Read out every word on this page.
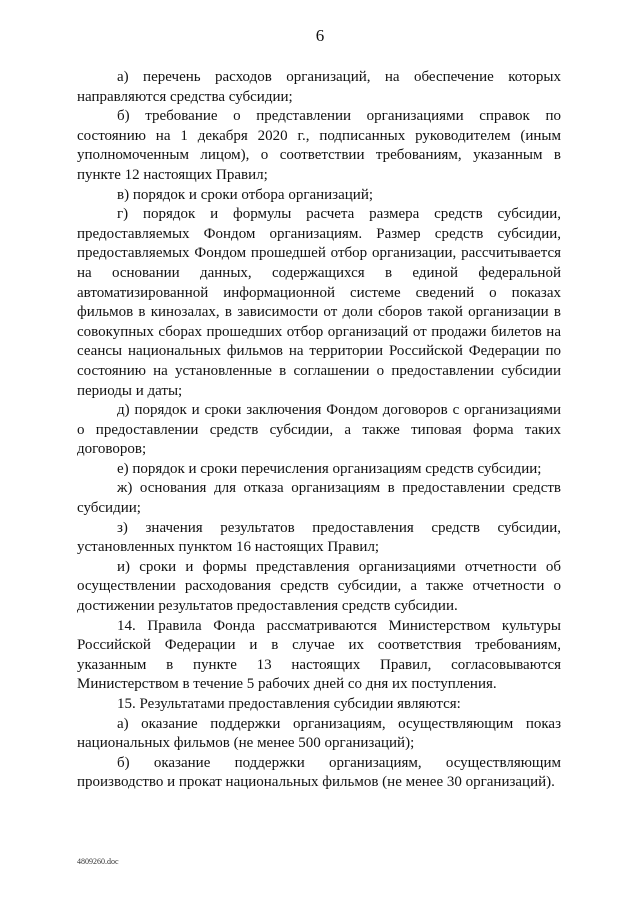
6

а) перечень расходов организаций, на обеспечение которых направляются средства субсидии;

б) требование о представлении организациями справок по состоянию на 1 декабря 2020 г., подписанных руководителем (иным уполномоченным лицом), о соответствии требованиям, указанным в пункте 12 настоящих Правил;

в) порядок и сроки отбора организаций;

г) порядок и формулы расчета размера средств субсидии, предоставляемых Фондом организациям. Размер средств субсидии, предоставляемых Фондом прошедшей отбор организации, рассчитывается на основании данных, содержащихся в единой федеральной автоматизированной информационной системе сведений о показах фильмов в кинозалах, в зависимости от доли сборов такой организации в совокупных сборах прошедших отбор организаций от продажи билетов на сеансы национальных фильмов на территории Российской Федерации по состоянию на установленные в соглашении о предоставлении субсидии периоды и даты;

д) порядок и сроки заключения Фондом договоров с организациями о предоставлении средств субсидии, а также типовая форма таких договоров;

е) порядок и сроки перечисления организациям средств субсидии;

ж) основания для отказа организациям в предоставлении средств субсидии;

з) значения результатов предоставления средств субсидии, установленных пунктом 16 настоящих Правил;

и) сроки и формы представления организациями отчетности об осуществлении расходования средств субсидии, а также отчетности о достижении результатов предоставления средств субсидии.

14. Правила Фонда рассматриваются Министерством культуры Российской Федерации и в случае их соответствия требованиям, указанным в пункте 13 настоящих Правил, согласовываются Министерством в течение 5 рабочих дней со дня их поступления.

15. Результатами предоставления субсидии являются:

а) оказание поддержки организациям, осуществляющим показ национальных фильмов (не менее 500 организаций);

б) оказание поддержки организациям, осуществляющим производство и прокат национальных фильмов (не менее 30 организаций).

4809260.doc
